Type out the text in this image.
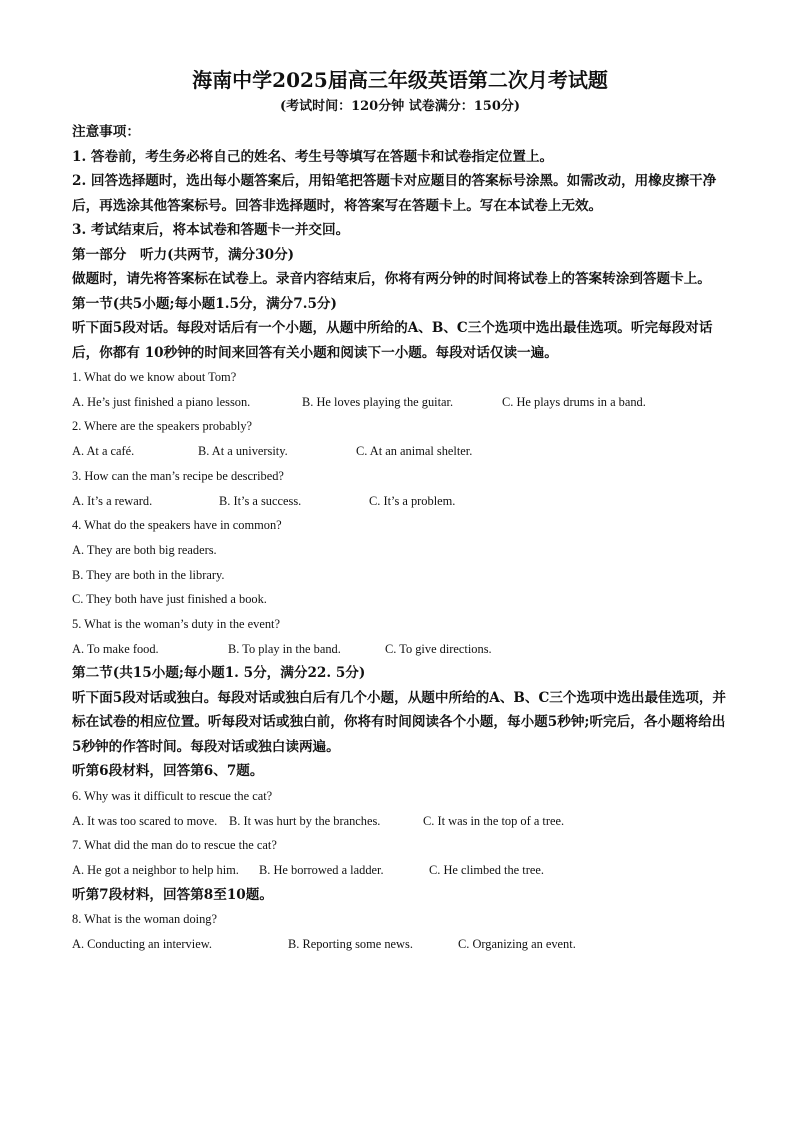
海南中学2025届高三年级英语第二次月考试题

(考试时间：120分钟 试卷满分：150分)

注意事项：

1. 答卷前，考生务必将自己的姓名、考生号等填写在答题卡和试卷指定位置上。

2. 回答选择题时，选出每小题答案后，用铅笔把答题卡对应题目的答案标号涂黑。如需改动，用橡皮擦干净后，再选涂其他答案标号。回答非选择题时，将答案写在答题卡上。写在本试卷上无效。

3. 考试结束后，将本试卷和答题卡一并交回。

第一部分　听力(共两节，满分30分)

做题时，请先将答案标在试卷上。录音内容结束后，你将有两分钟的时间将试卷上的答案转涂到答题卡上。

第一节(共5小题;每小题1.5分，满分7.5分)

听下面5段对话。每段对话后有一个小题，从题中所给的A、B、C三个选项中选出最佳选项。听完每段对话后，你都有 10秒钟的时间来回答有关小题和阅读下一小题。每段对话仅读一遍。

1. What do we know about Tom?

A. He’s just finished a piano lesson.	B. He loves playing the guitar.	C. He plays drums in a band.

2. Where are the speakers probably?

A. At a café.	B. At a university.	C. At an animal shelter.

3. How can the man’s recipe be described?

A. It’s a reward.	B. It’s a success.	C. It’s a problem.

4. What do the speakers have in common?

A. They are both big readers.

B. They are both in the library.

C. They both have just finished a book.

5. What is the woman’s duty in the event?

A. To make food.	B. To play in the band.	C. To give directions.

第二节(共15小题;每小题1. 5分，满分22. 5分)

听下面5段对话或独白。每段对话或独白后有几个小题，从题中所给的A、B、C三个选项中选出最佳选项，并标在试卷的相应位置。听每段对话或独白前，你将有时间阅读各个小题，每小题5秒钟;听完后，各小题将给出5秒钟的作答时间。每段对话或独白读两遍。

听第6段材料，回答第6、7题。

6. Why was it difficult to rescue the cat?

A. It was too scared to move. B. It was hurt by the branches.	C. It was in the top of a tree.

7. What did the man do to rescue the cat?

A. He got a neighbor to help him.	B. He borrowed a ladder.	C. He climbed the tree.

听第7段材料，回答第8至10题。

8. What is the woman doing?

A. Conducting an interview.	B. Reporting some news.	C. Organizing an event.
